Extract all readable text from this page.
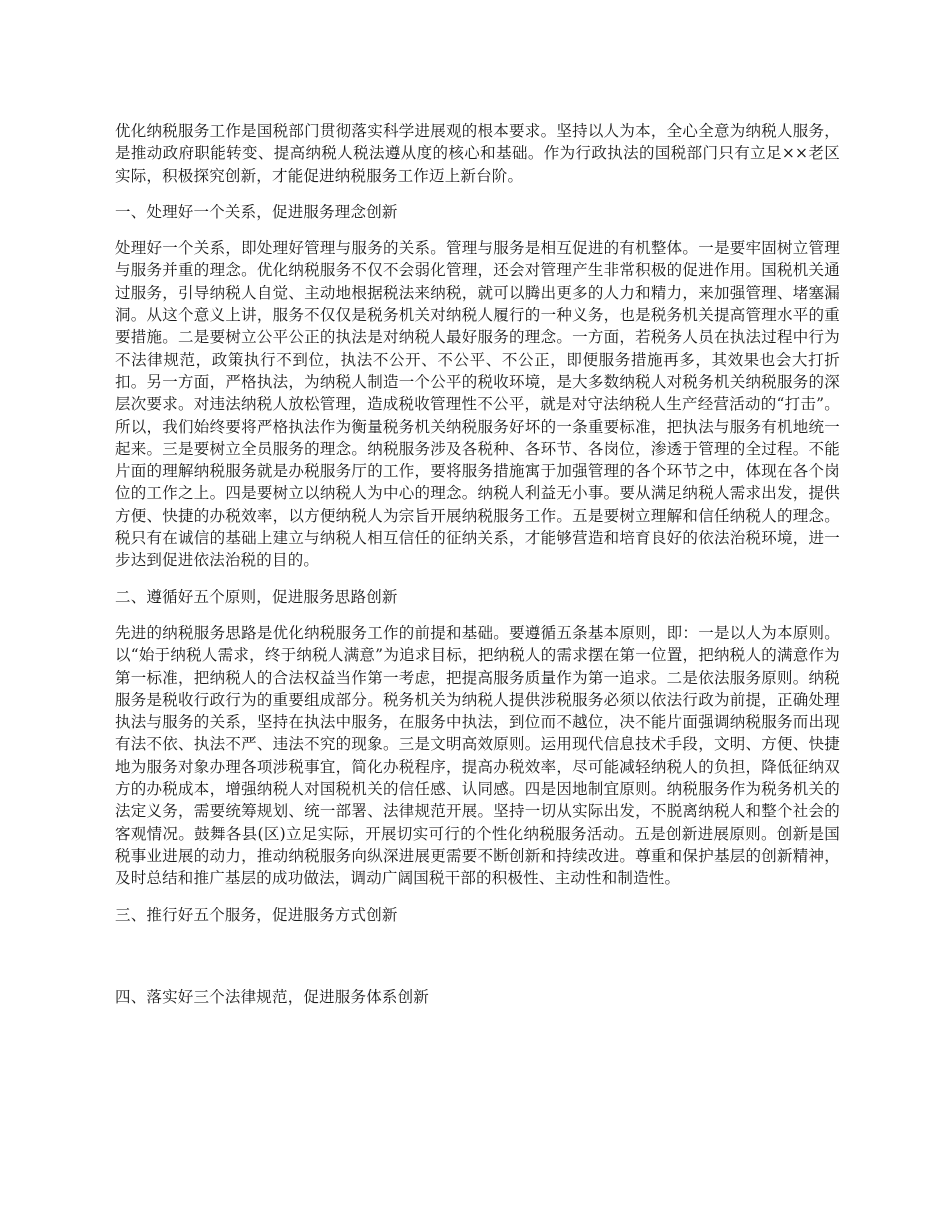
优化纳税服务工作是国税部门贯彻落实科学进展观的根本要求。坚持以人为本，全心全意为纳税人服务，是推动政府职能转变、提高纳税人税法遵从度的核心和基础。作为行政执法的国税部门只有立足××老区实际，积极探究创新，才能促进纳税服务工作迈上新台阶。

一、处理好一个关系，促进服务理念创新

处理好一个关系，即处理好管理与服务的关系。管理与服务是相互促进的有机整体。一是要牢固树立管理与服务并重的理念。优化纳税服务不仅不会弱化管理，还会对管理产生非常积极的促进作用。国税机关通过服务，引导纳税人自觉、主动地根据税法来纳税，就可以腾出更多的人力和精力，来加强管理、堵塞漏洞。从这个意义上讲，服务不仅仅是税务机关对纳税人履行的一种义务，也是税务机关提高管理水平的重要措施。二是要树立公平公正的执法是对纳税人最好服务的理念。一方面，若税务人员在执法过程中行为不法律规范，政策执行不到位，执法不公开、不公平、不公正，即便服务措施再多，其效果也会大打折扣。另一方面，严格执法，为纳税人制造一个公平的税收环境，是大多数纳税人对税务机关纳税服务的深层次要求。对违法纳税人放松管理，造成税收管理性不公平，就是对守法纳税人生产经营活动的“打击”。所以，我们始终要将严格执法作为衡量税务机关纳税服务好坏的一条重要标准，把执法与服务有机地统一起来。三是要树立全员服务的理念。纳税服务涉及各税种、各环节、各岗位，渗透于管理的全过程。不能片面的理解纳税服务就是办税服务厅的工作，要将服务措施寓于加强管理的各个环节之中，体现在各个岗位的工作之上。四是要树立以纳税人为中心的理念。纳税人利益无小事。要从满足纳税人需求出发，提供方便、快捷的办税效率，以方便纳税人为宗旨开展纳税服务工作。五是要树立理解和信任纳税人的理念。税只有在诚信的基础上建立与纳税人相互信任的征纳关系，才能够营造和培育良好的依法治税环境，进一步达到促进依法治税的目的。

二、遵循好五个原则，促进服务思路创新

先进的纳税服务思路是优化纳税服务工作的前提和基础。要遵循五条基本原则，即：一是以人为本原则。以“始于纳税人需求，终于纳税人满意”为追求目标，把纳税人的需求摆在第一位置，把纳税人的满意作为第一标准，把纳税人的合法权益当作第一考虑，把提高服务质量作为第一追求。二是依法服务原则。纳税服务是税收行政行为的重要组成部分。税务机关为纳税人提供涉税服务必须以依法行政为前提，正确处理执法与服务的关系，坚持在执法中服务，在服务中执法，到位而不越位，决不能片面强调纳税服务而出现有法不依、执法不严、违法不究的现象。三是文明高效原则。运用现代信息技术手段，文明、方便、快捷地为服务对象办理各项涉税事宜，简化办税程序，提高办税效率，尽可能减轻纳税人的负担，降低征纳双方的办税成本，增强纳税人对国税机关的信任感、认同感。四是因地制宜原则。纳税服务作为税务机关的法定义务，需要统筹规划、统一部署、法律规范开展。坚持一切从实际出发，不脱离纳税人和整个社会的客观情况。鼓舞各县(区)立足实际，开展切实可行的个性化纳税服务活动。五是创新进展原则。创新是国税事业进展的动力，推动纳税服务向纵深进展更需要不断创新和持续改进。尊重和保护基层的创新精神，及时总结和推广基层的成功做法，调动广阔国税干部的积极性、主动性和制造性。

三、推行好五个服务，促进服务方式创新

四、落实好三个法律规范，促进服务体系创新
